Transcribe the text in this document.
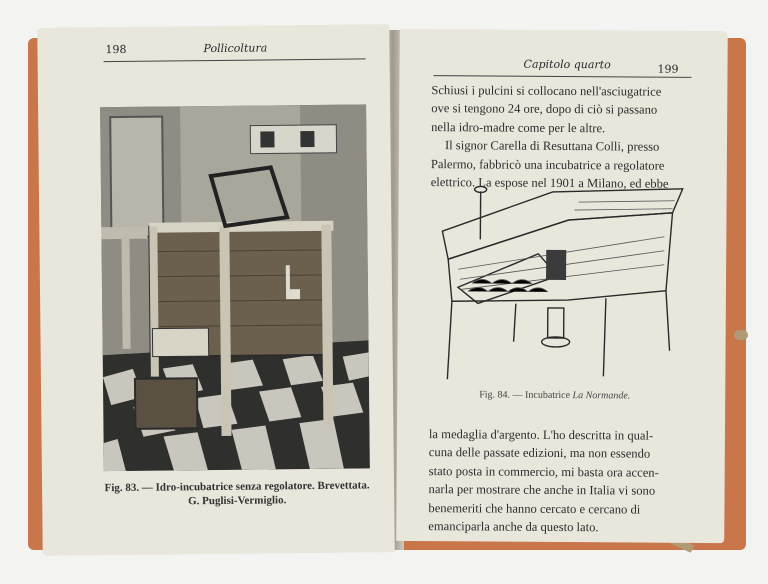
198	Pollicoltura
Fig. 83. — Idro-incubatrice senza regolatore. Brevettata.
G. Puglisi-Vermiglio.
Capitolo quarto	199
Schiusi i pulcini si collocano nell'asciugatrice
ove si tengono 24 ore, dopo di ciò si passano
nella idro-madre come per le altre.
Il signor Carella di Resuttana Colli, presso
Palermo, fabbricò una incubatrice a regolatore
elettrico. La espose nel 1901 a Milano, ed ebbe
Fig. 84. — Incubatrice La Normande.
la medaglia d'argento. L'ho descritta in qual-
cuna delle passate edizioni, ma non essendo
stato posta in commercio, mi basta ora accen-
narla per mostrare che anche in Italia vi sono
benemeriti che hanno cercato e cercano di
emanciparla anche da questo lato.
